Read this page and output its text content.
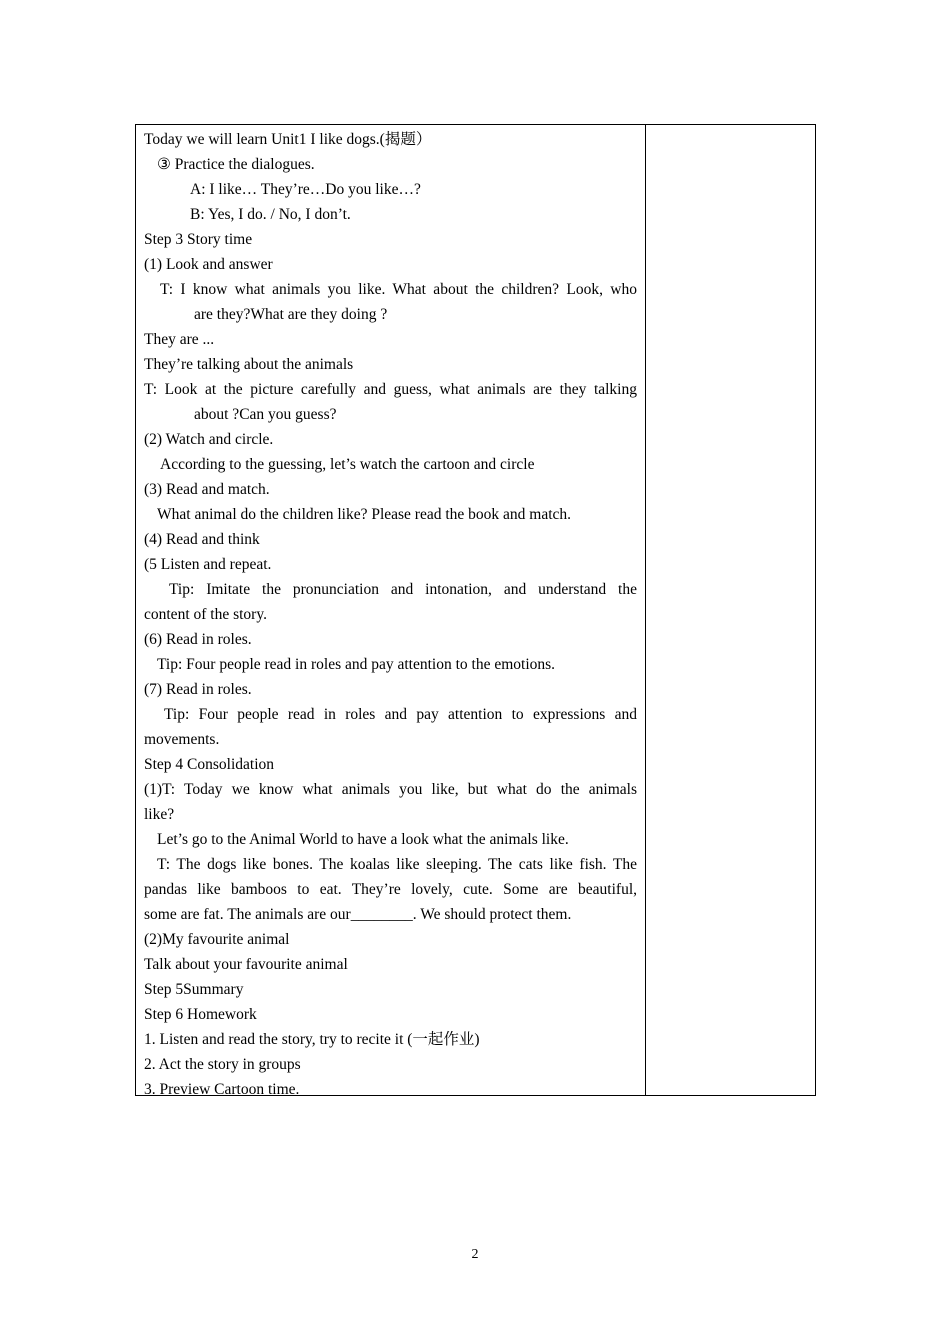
Today we will learn Unit1 I like dogs.(揭题）
③ Practice the dialogues.
A: I like… They’re…Do you like…?
B: Yes, I do. / No, I don’t.
Step 3 Story time
(1) Look and answer
T: I know what animals you like. What about the children? Look, who
are they?What are they doing ?
They are ...
They’re talking about the animals
T: Look at the picture carefully and guess, what animals are they talking
about ?Can you guess?
(2) Watch and circle.
According to the guessing, let’s watch the cartoon and circle
(3) Read and match.
What animal do the children like? Please read the book and match.
(4) Read and think
(5 Listen and repeat.
Tip: Imitate the pronunciation and intonation, and understand the
content of the story.
(6) Read in roles.
Tip: Four people read in roles and pay attention to the emotions.
(7) Read in roles.
Tip: Four people read in roles and pay attention to expressions and
movements.
Step 4 Consolidation
(1)T: Today we know what animals you like, but what do the animals
like?
Let’s go to the Animal World to have a look what the animals like.
T: The dogs like bones. The koalas like sleeping. The cats like fish. The
pandas like bamboos to eat. They’re lovely, cute. Some are beautiful,
some are fat. The animals are our________. We should protect them.
(2)My favourite animal
Talk about your favourite animal
Step 5Summary
Step 6 Homework
1. Listen and read the story, try to recite it (一起作业)
2. Act the story in groups
3. Preview Cartoon time.
2
